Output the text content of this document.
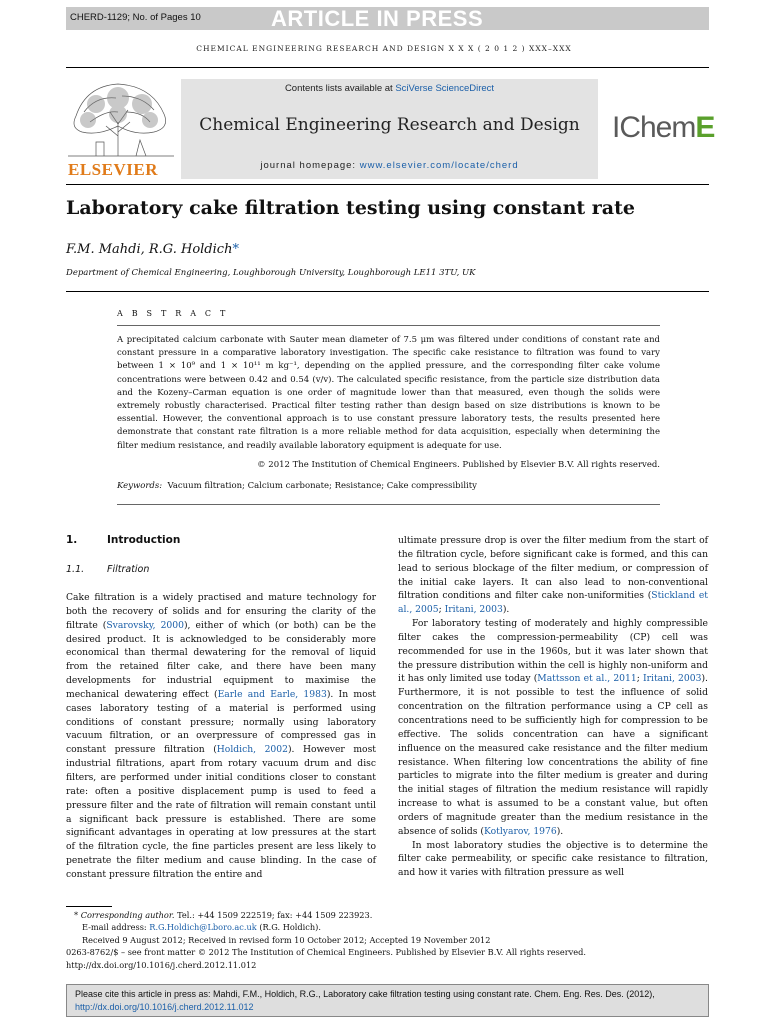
CHERD-1129; No. of Pages 10	ARTICLE IN PRESS
CHEMICAL ENGINEERING RESEARCH AND DESIGN X X X ( 2 0 1 2 ) XXX–XXX
ELSEVIER
Contents lists available at SciVerse ScienceDirect
Chemical Engineering Research and Design
journal homepage: www.elsevier.com/locate/cherd
IChemE
Laboratory cake filtration testing using constant rate
F.M. Mahdi, R.G. Holdich*
Department of Chemical Engineering, Loughborough University, Loughborough LE11 3TU, UK
A B S T R A C T
A precipitated calcium carbonate with Sauter mean diameter of 7.5 μm was filtered under conditions of constant rate and constant pressure in a comparative laboratory investigation. The specific cake resistance to filtration was found to vary between 1 × 10⁹ and 1 × 10¹¹ m kg⁻¹, depending on the applied pressure, and the corresponding filter cake volume concentrations were between 0.42 and 0.54 (v/v). The calculated specific resistance, from the particle size distribution data and the Kozeny–Carman equation is one order of magnitude lower than that measured, even though the solids were extremely robustly characterised. Practical filter testing rather than design based on size distributions is known to be essential. However, the conventional approach is to use constant pressure laboratory tests, the results presented here demonstrate that constant rate filtration is a more reliable method for data acquisition, especially when determining the filter medium resistance, and readily available laboratory equipment is adequate for use.
© 2012 The Institution of Chemical Engineers. Published by Elsevier B.V. All rights reserved.
Keywords: Vacuum filtration; Calcium carbonate; Resistance; Cake compressibility
1.	Introduction
1.1. Filtration

Cake filtration is a widely practised and mature technology for both the recovery of solids and for ensuring the clarity of the filtrate (Svarovsky, 2000), either of which (or both) can be the desired product. It is acknowledged to be considerably more economical than thermal dewatering for the removal of liquid from the retained filter cake, and there have been many developments for industrial equipment to maximise the mechanical dewatering effect (Earle and Earle, 1983). In most cases laboratory testing of a material is performed using conditions of constant pressure; normally using laboratory vacuum filtration, or an overpressure of compressed gas in constant pressure filtration (Holdich, 2002). However most industrial filtrations, apart from rotary vacuum drum and disc filters, are performed under initial conditions closer to constant rate: often a positive displacement pump is used to feed a pressure filter and the rate of filtration will remain constant until a significant back pressure is established. There are some significant advantages in operating at low pressures at the start of the filtration cycle, the fine particles present are less likely to penetrate the filter medium and cause blinding. In the case of constant pressure filtration the entire and

ultimate pressure drop is over the filter medium from the start of the filtration cycle, before significant cake is formed, and this can lead to serious blockage of the filter medium, or compression of the initial cake layers. It can also lead to non-conventional filtration conditions and filter cake non-uniformities (Stickland et al., 2005; Iritani, 2003).

For laboratory testing of moderately and highly compressible filter cakes the compression-permeability (CP) cell was recommended for use in the 1960s, but it was later shown that the pressure distribution within the cell is highly non-uniform and it has only limited use today (Mattsson et al., 2011; Iritani, 2003). Furthermore, it is not possible to test the influence of solid concentration on the filtration performance using a CP cell as concentrations need to be sufficiently high for compression to be effective. The solids concentration can have a significant influence on the measured cake resistance and the filter medium resistance. When filtering low concentrations the ability of fine particles to migrate into the filter medium is greater and during the initial stages of filtration the medium resistance will rapidly increase to what is assumed to be a constant value, but often orders of magnitude greater than the medium resistance in the absence of solids (Kotlyarov, 1976).

In most laboratory studies the objective is to determine the filter cake permeability, or specific cake resistance to filtration, and how it varies with filtration pressure as well

* Corresponding author. Tel.: +44 1509 222519; fax: +44 1509 223923.
E-mail address: R.G.Holdich@Lboro.ac.uk (R.G. Holdich).
Received 9 August 2012; Received in revised form 10 October 2012; Accepted 19 November 2012
0263-8762/$ – see front matter © 2012 The Institution of Chemical Engineers. Published by Elsevier B.V. All rights reserved.
http://dx.doi.org/10.1016/j.cherd.2012.11.012
Please cite this article in press as: Mahdi, F.M., Holdich, R.G., Laboratory cake filtration testing using constant rate. Chem. Eng. Res. Des. (2012),
http://dx.doi.org/10.1016/j.cherd.2012.11.012
